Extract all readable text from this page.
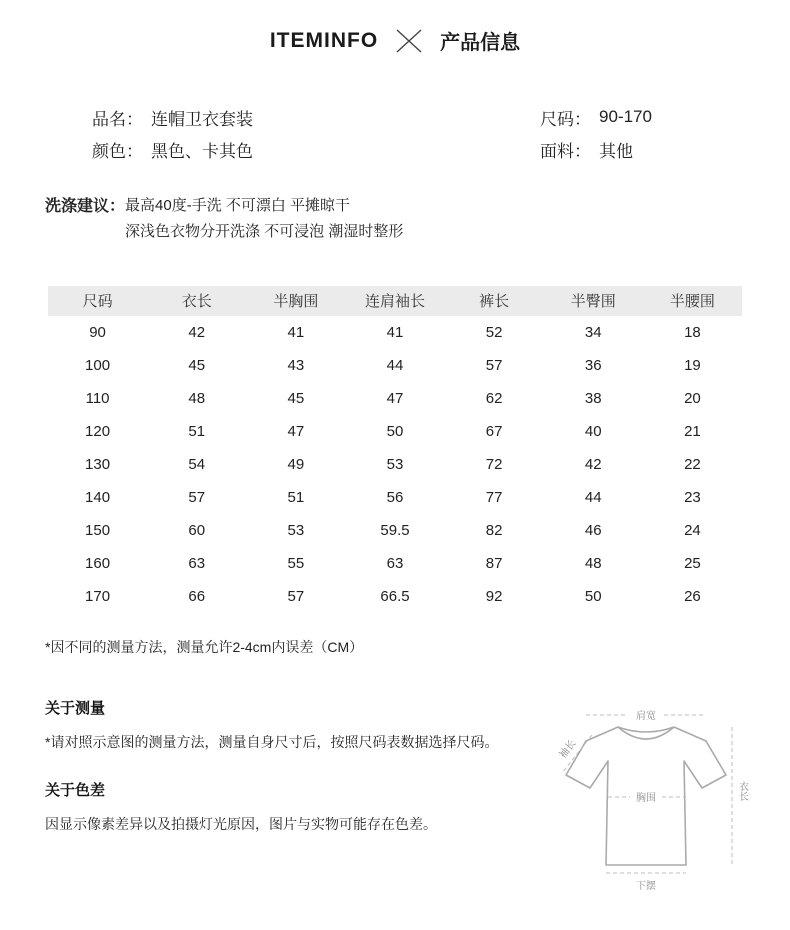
ITEMINFO	产品信息
品名： 连帽卫衣套装
颜色： 黑色、卡其色
尺码： 90-170
面料： 其他
洗涤建议： 最高40度-手洗 不可漂白 平摊晾干
深浅色衣物分开洗涤 不可浸泡 潮湿时整形
尺码	衣长	半胸围	连肩袖长	裤长	半臀围	半腰围
90	42	41	41	52	34	18
100	45	43	44	57	36	19
110	48	45	47	62	38	20
120	51	47	50	67	40	21
130	54	49	53	72	42	22
140	57	51	56	77	44	23
150	60	53	59.5	82	46	24
160	63	55	63	87	48	25
170	66	57	66.5	92	50	26
*因不同的测量方法，测量允许2-4cm内误差（CM）
关于测量
*请对照示意图的测量方法，测量自身尺寸后，按照尺码表数据选择尺码。
关于色差
因显示像素差异以及拍摄灯光原因，图片与实物可能存在色差。
肩宽
袖长
胸围	衣长
下摆
